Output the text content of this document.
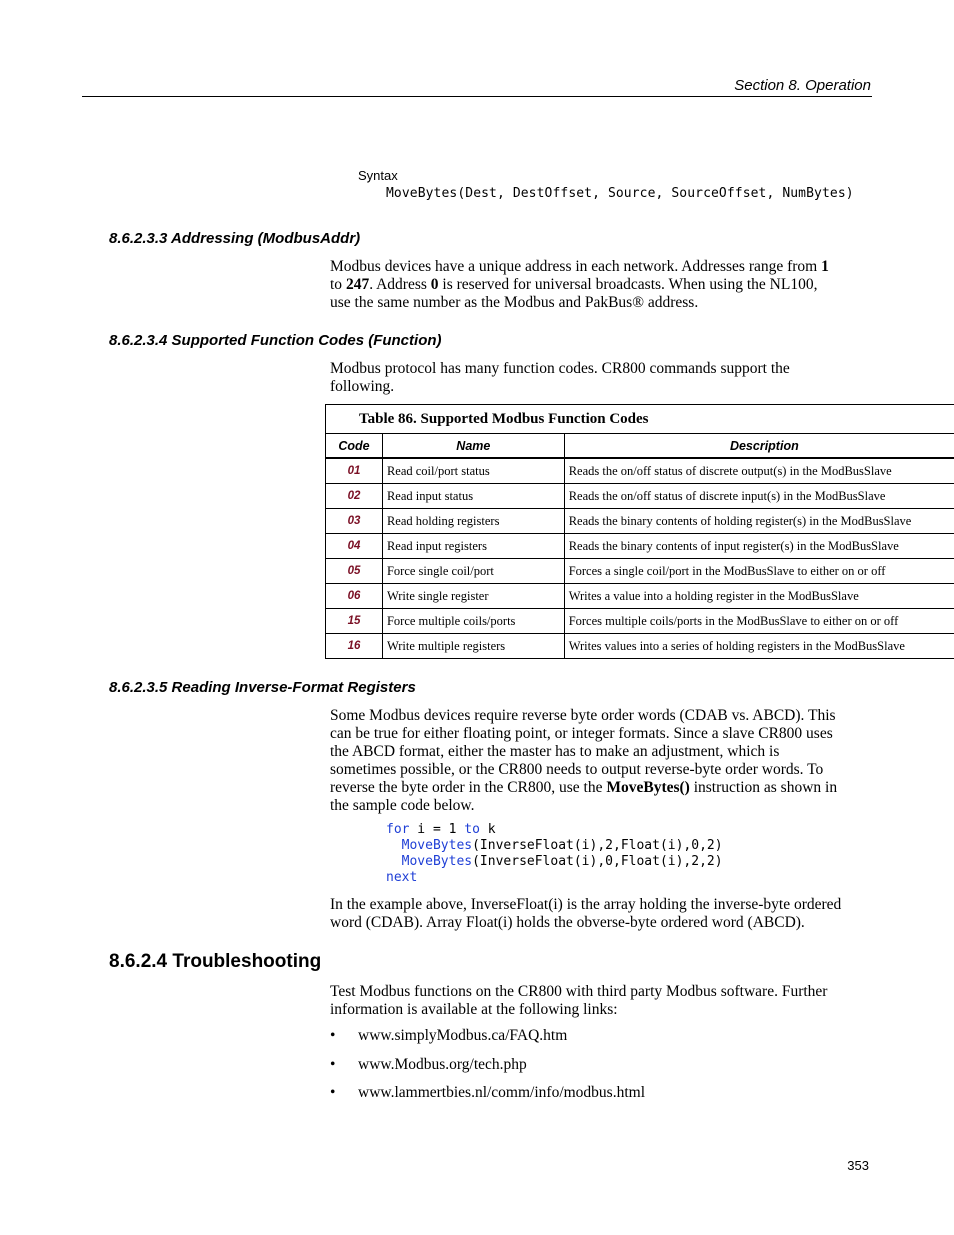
Section 8. Operation
Syntax
MoveBytes(Dest, DestOffset, Source, SourceOffset, NumBytes)
8.6.2.3.3 Addressing (ModbusAddr)
Modbus devices have a unique address in each network. Addresses range from 1
to 247. Address 0 is reserved for universal broadcasts. When using the NL100,
use the same number as the Modbus and PakBus® address.
8.6.2.3.4 Supported Function Codes (Function)
Modbus protocol has many function codes. CR800 commands support the
following.
Table 86. Supported Modbus Function Codes		
Code	Name	Description
01	Read coil/port status	Reads the on/off status of discrete output(s) in the ModBusSlave
02	Read input status	Reads the on/off status of discrete input(s) in the ModBusSlave
03	Read holding registers	Reads the binary contents of holding register(s) in the ModBusSlave
04	Read input registers	Reads the binary contents of input register(s) in the ModBusSlave
05	Force single coil/port	Forces a single coil/port in the ModBusSlave to either on or off
06	Write single register	Writes a value into a holding register in the ModBusSlave
15	Force multiple coils/ports	Forces multiple coils/ports in the ModBusSlave to either on or off
16	Write multiple registers	Writes values into a series of holding registers in the ModBusSlave
8.6.2.3.5 Reading Inverse-Format Registers
Some Modbus devices require reverse byte order words (CDAB vs. ABCD). This
can be true for either floating point, or integer formats. Since a slave CR800 uses
the ABCD format, either the master has to make an adjustment, which is
sometimes possible, or the CR800 needs to output reverse-byte order words. To
reverse the byte order in the CR800, use the MoveBytes() instruction as shown in
the sample code below.
for i = 1 to k
MoveBytes(InverseFloat(i),2,Float(i),0,2)
MoveBytes(InverseFloat(i),0,Float(i),2,2)
next
In the example above, InverseFloat(i) is the array holding the inverse-byte ordered
word (CDAB). Array Float(i) holds the obverse-byte ordered word (ABCD).
8.6.2.4 Troubleshooting
Test Modbus functions on the CR800 with third party Modbus software. Further
information is available at the following links:
• www.simplyModbus.ca/FAQ.htm
• www.Modbus.org/tech.php
• www.lammertbies.nl/comm/info/modbus.html
353
